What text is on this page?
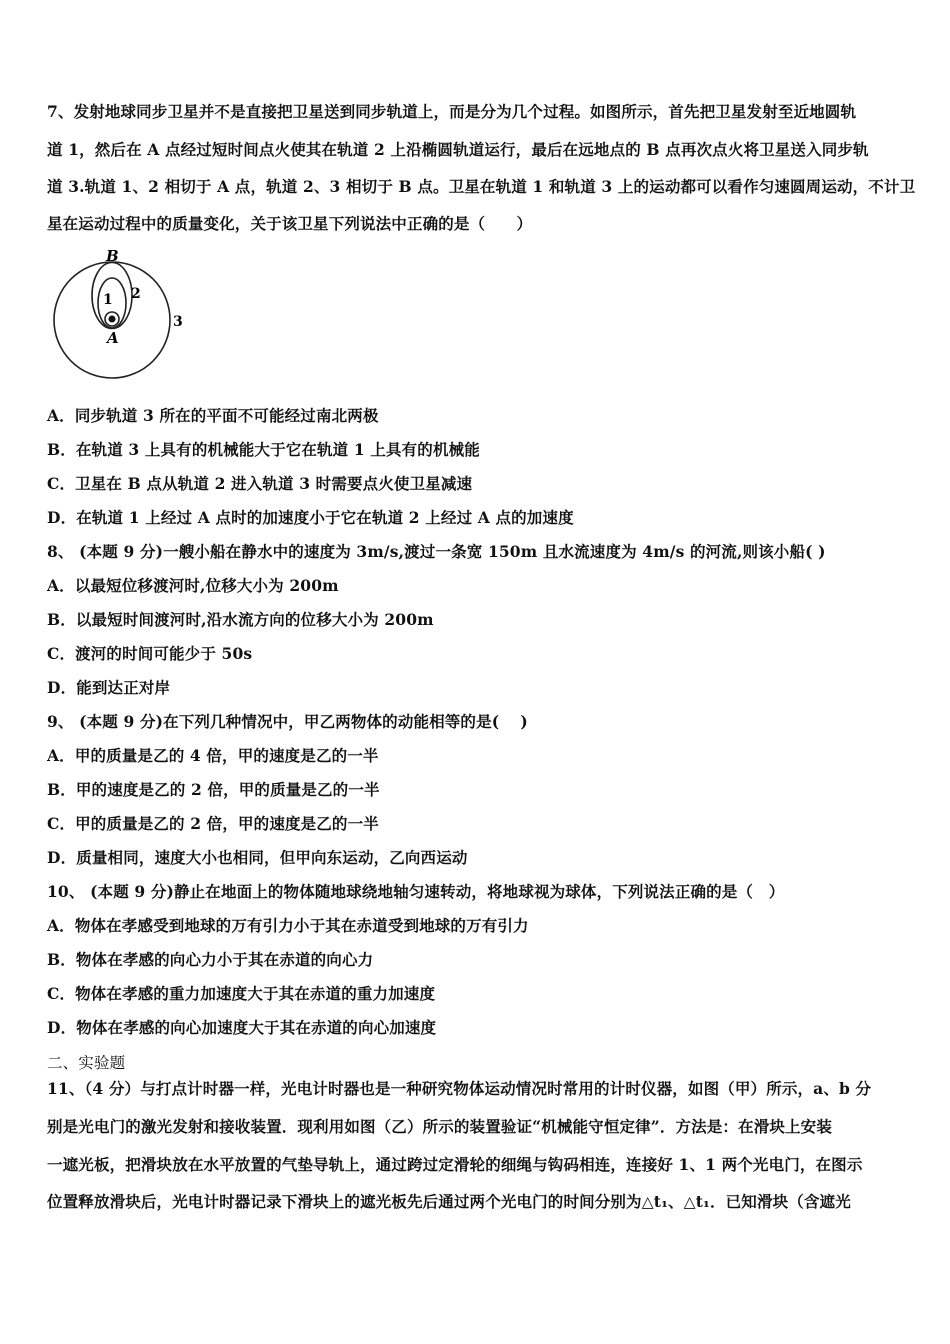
7、发射地球同步卫星并不是直接把卫星送到同步轨道上，而是分为几个过程。如图所示，首先把卫星发射至近地圆轨
道 1，然后在 A 点经过短时间点火使其在轨道 2 上沿椭圆轨道运行，最后在远地点的 B 点再次点火将卫星送入同步轨
道 3.轨道 1、2 相切于 A 点，轨道 2、3 相切于 B 点。卫星在轨道 1 和轨道 3 上的运动都可以看作匀速圆周运动，不计卫
星在运动过程中的质量变化，关于该卫星下列说法中正确的是（　　）
B
A
1 2
3
A．同步轨道 3 所在的平面不可能经过南北两极
B．在轨道 3 上具有的机械能大于它在轨道 1 上具有的机械能
C．卫星在 B 点从轨道 2 进入轨道 3 时需要点火使卫星减速
D．在轨道 1 上经过 A 点时的加速度小于它在轨道 2 上经过 A 点的加速度
8、 (本题 9 分)一艘小船在静水中的速度为 3m/s,渡过一条宽 150m 且水流速度为 4m/s 的河流,则该小船( )
A．以最短位移渡河时,位移大小为 200m
B．以最短时间渡河时,沿水流方向的位移大小为 200m
C．渡河的时间可能少于 50s
D．能到达正对岸
9、 (本题 9 分)在下列几种情况中，甲乙两物体的动能相等的是(　 )
A．甲的质量是乙的 4 倍，甲的速度是乙的一半
B．甲的速度是乙的 2 倍，甲的质量是乙的一半
C．甲的质量是乙的 2 倍，甲的速度是乙的一半
D．质量相同，速度大小也相同，但甲向东运动，乙向西运动
10、 (本题 9 分)静止在地面上的物体随地球绕地轴匀速转动，将地球视为球体，下列说法正确的是（　）
A．物体在孝感受到地球的万有引力小于其在赤道受到地球的万有引力
B．物体在孝感的向心力小于其在赤道的向心力
C．物体在孝感的重力加速度大于其在赤道的重力加速度
D．物体在孝感的向心加速度大于其在赤道的向心加速度
二、实验题
11、（4 分）与打点计时器一样，光电计时器也是一种研究物体运动情况时常用的计时仪器，如图（甲）所示，a、b 分
别是光电门的激光发射和接收装置．现利用如图（乙）所示的装置验证“机械能守恒定律”．方法是：在滑块上安装
一遮光板，把滑块放在水平放置的气垫导轨上，通过跨过定滑轮的细绳与钩码相连，连接好 1、1 两个光电门，在图示
位置释放滑块后，光电计时器记录下滑块上的遮光板先后通过两个光电门的时间分别为△t₁、△t₁．已知滑块（含遮光
